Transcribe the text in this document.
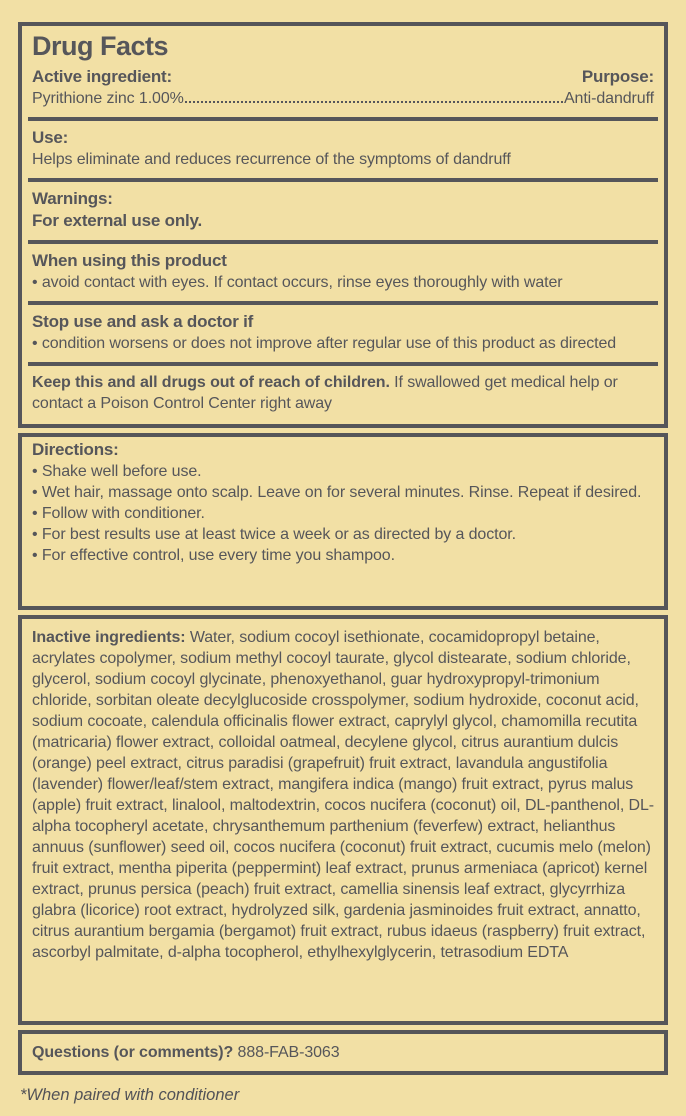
Drug Facts
Active ingredient:	Purpose:
Pyrithione zinc 1.00%	Anti-dandruff
Use:
Helps eliminate and reduces recurrence of the symptoms of dandruff
Warnings:
For external use only.
When using this product
• avoid contact with eyes. If contact occurs, rinse eyes thoroughly with water
Stop use and ask a doctor if
• condition worsens or does not improve after regular use of this product as directed
Keep this and all drugs out of reach of children. If swallowed get medical help or contact a Poison Control Center right away
Directions:
• Shake well before use.
• Wet hair, massage onto scalp. Leave on for several minutes. Rinse. Repeat if desired.
• Follow with conditioner.
• For best results use at least twice a week or as directed by a doctor.
• For effective control, use every time you shampoo.
Inactive ingredients: Water, sodium cocoyl isethionate, cocamidopropyl betaine, acrylates copolymer, sodium methyl cocoyl taurate, glycol distearate, sodium chloride, glycerol, sodium cocoyl glycinate, phenoxyethanol, guar hydroxypropyl-trimonium chloride, sorbitan oleate decylglucoside crosspolymer, sodium hydroxide, coconut acid, sodium cocoate, calendula officinalis flower extract, caprylyl glycol, chamomilla recutita (matricaria) flower extract, colloidal oatmeal, decylene glycol, citrus aurantium dulcis (orange) peel extract, citrus paradisi (grapefruit) fruit extract, lavandula angustifolia (lavender) flower/leaf/stem extract, mangifera indica (mango) fruit extract, pyrus malus (apple) fruit extract, linalool, maltodextrin, cocos nucifera (coconut) oil, DL-panthenol, DL-alpha tocopheryl acetate, chrysanthemum parthenium (feverfew) extract, helianthus annuus (sunflower) seed oil, cocos nucifera (coconut) fruit extract, cucumis melo (melon) fruit extract, mentha piperita (peppermint) leaf extract, prunus armeniaca (apricot) kernel extract, prunus persica (peach) fruit extract, camellia sinensis leaf extract, glycyrrhiza glabra (licorice) root extract, hydrolyzed silk, gardenia jasminoides fruit extract, annatto, citrus aurantium bergamia (bergamot) fruit extract, rubus idaeus (raspberry) fruit extract, ascorbyl palmitate, d-alpha tocopherol, ethylhexylglycerin, tetrasodium EDTA
Questions (or comments)? 888-FAB-3063
*When paired with conditioner
